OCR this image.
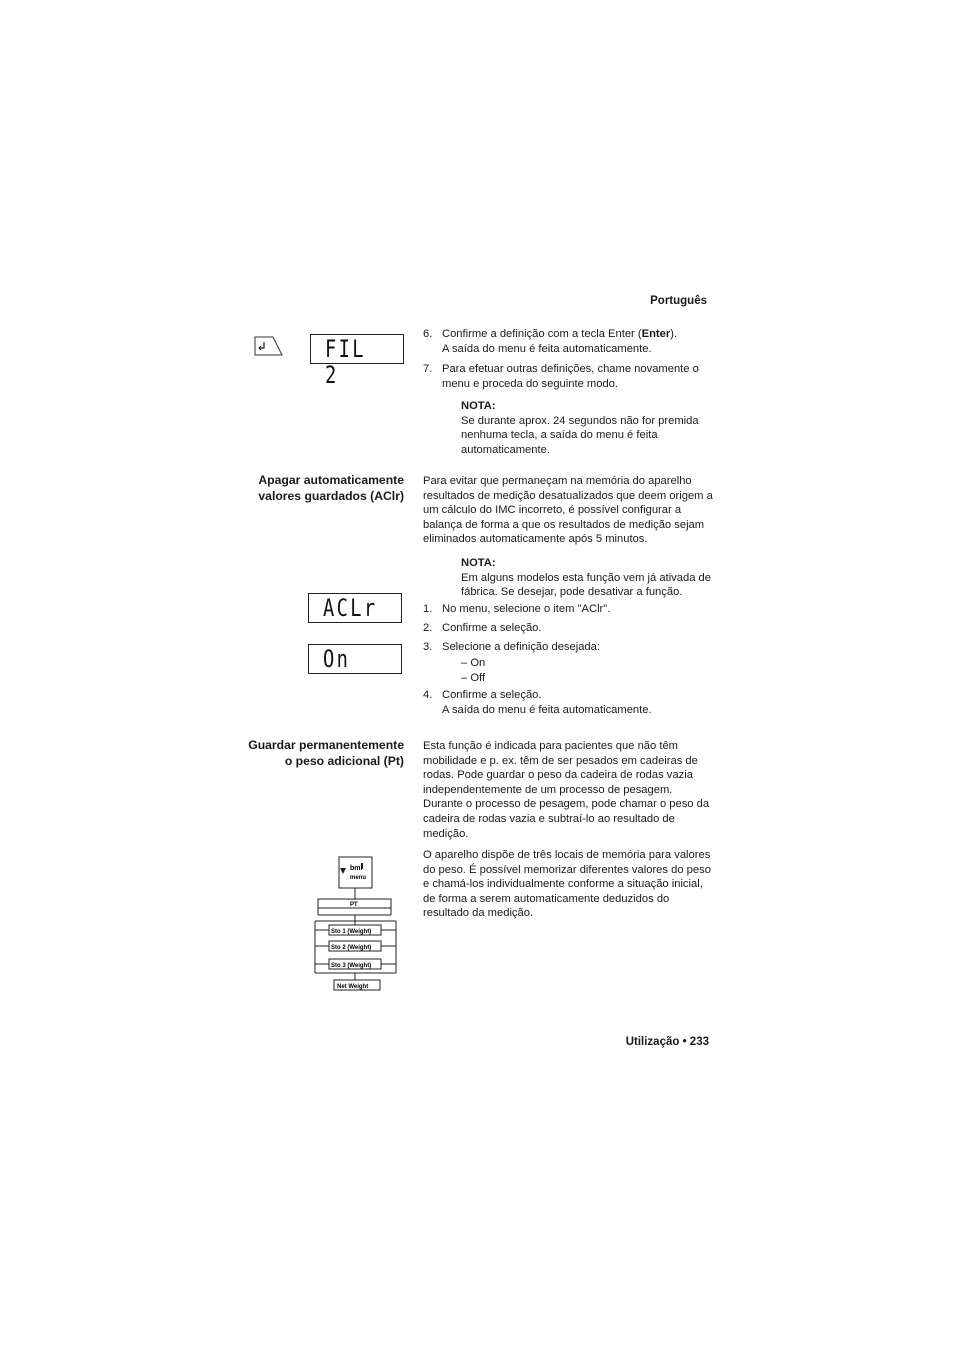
Português
FIL 2
6. Confirme a definição com a tecla Enter (Enter).
A saída do menu é feita automaticamente.
7. Para efetuar outras definições, chame novamente o menu e proceda do seguinte modo.
NOTA:
Se durante aprox. 24 segundos não for premida nenhuma tecla, a saída do menu é feita automaticamente.
Apagar automaticamente valores guardados (AClr)
Para evitar que permaneçam na memória do aparelho resultados de medição desatualizados que deem origem a um cálculo do IMC incorreto, é possível configurar a balança de forma a que os resultados de medição sejam eliminados automaticamente após 5 minutos.
NOTA:
Em alguns modelos esta função vem já ativada de fábrica. Se desejar, pode desativar a função.
ACLr
On
1. No menu, selecione o item "AClr".
2. Confirme a seleção.
3. Selecione a definição desejada:
– On
– Off
4. Confirme a seleção.
A saída do menu é feita automaticamente.
Guardar permanentemente o peso adicional (Pt)
Esta função é indicada para pacientes que não têm mobilidade e p. ex. têm de ser pesados em cadeiras de rodas. Pode guardar o peso da cadeira de rodas vazia independentemente de um processo de pesagem. Durante o processo de pesagem, pode chamar o peso da cadeira de rodas vazia e subtraí-lo ao resultado de medição.
O aparelho dispõe de três locais de memória para valores do peso. É possível memorizar diferentes valores do peso e chamá-los individualmente conforme a situação inicial, de forma a serem automaticamente deduzidos do resultado da medição.
bmi
menu
PT
Sto 1 (Weight)
Sto 2 (Weight)
Sto 3 (Weight)
Net Weight
Utilização • 233
